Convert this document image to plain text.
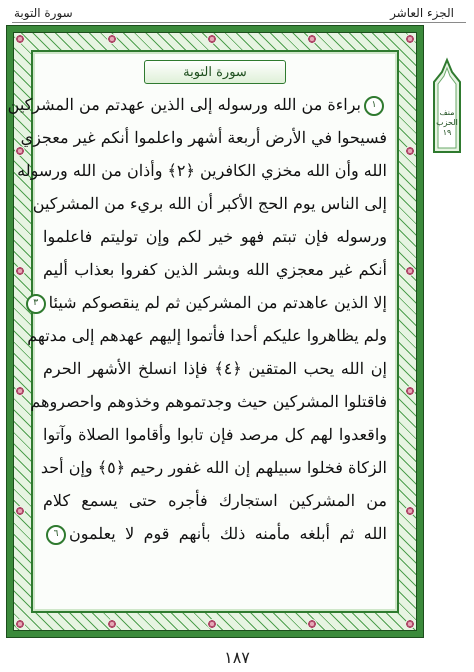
الجزء العاشر
سورة التوبة
سورة التوبة
١براءة من الله ورسوله إلى الذين عهدتم من المشركين
فسيحوا في الأرض أربعة أشهر واعلموا أنكم غير معجزي
الله وأن الله مخزي الكافرين ﴿٢﴾ وأذان من الله ورسوله
إلى الناس يوم الحج الأكبر أن الله بريء من المشركين
ورسوله فإن تبتم فهو خير لكم وإن توليتم فاعلموا
أنكم غير معجزي الله وبشر الذين كفروا بعذاب أليم
إلا الذين عاهدتم من المشركين ثم لم ينقصوكم شيئا٣
ولم يظاهروا عليكم أحدا فأتموا إليهم عهدهم إلى مدتهم
إن الله يحب المتقين ﴿٤﴾ فإذا انسلخ الأشهر الحرم
فاقتلوا المشركين حيث وجدتموهم وخذوهم واحصروهم
واقعدوا لهم كل مرصد فإن تابوا وأقاموا الصلاة وآتوا
الزكاة فخلوا سبيلهم إن الله غفور رحيم ﴿٥﴾ وإن أحد
من المشركين استجارك فأجره حتى يسمع كلام
الله ثم أبلغه مأمنه ذلك بأنهم قوم لا يعلمون٦
منف
الحزب
١٩
١٨٧
